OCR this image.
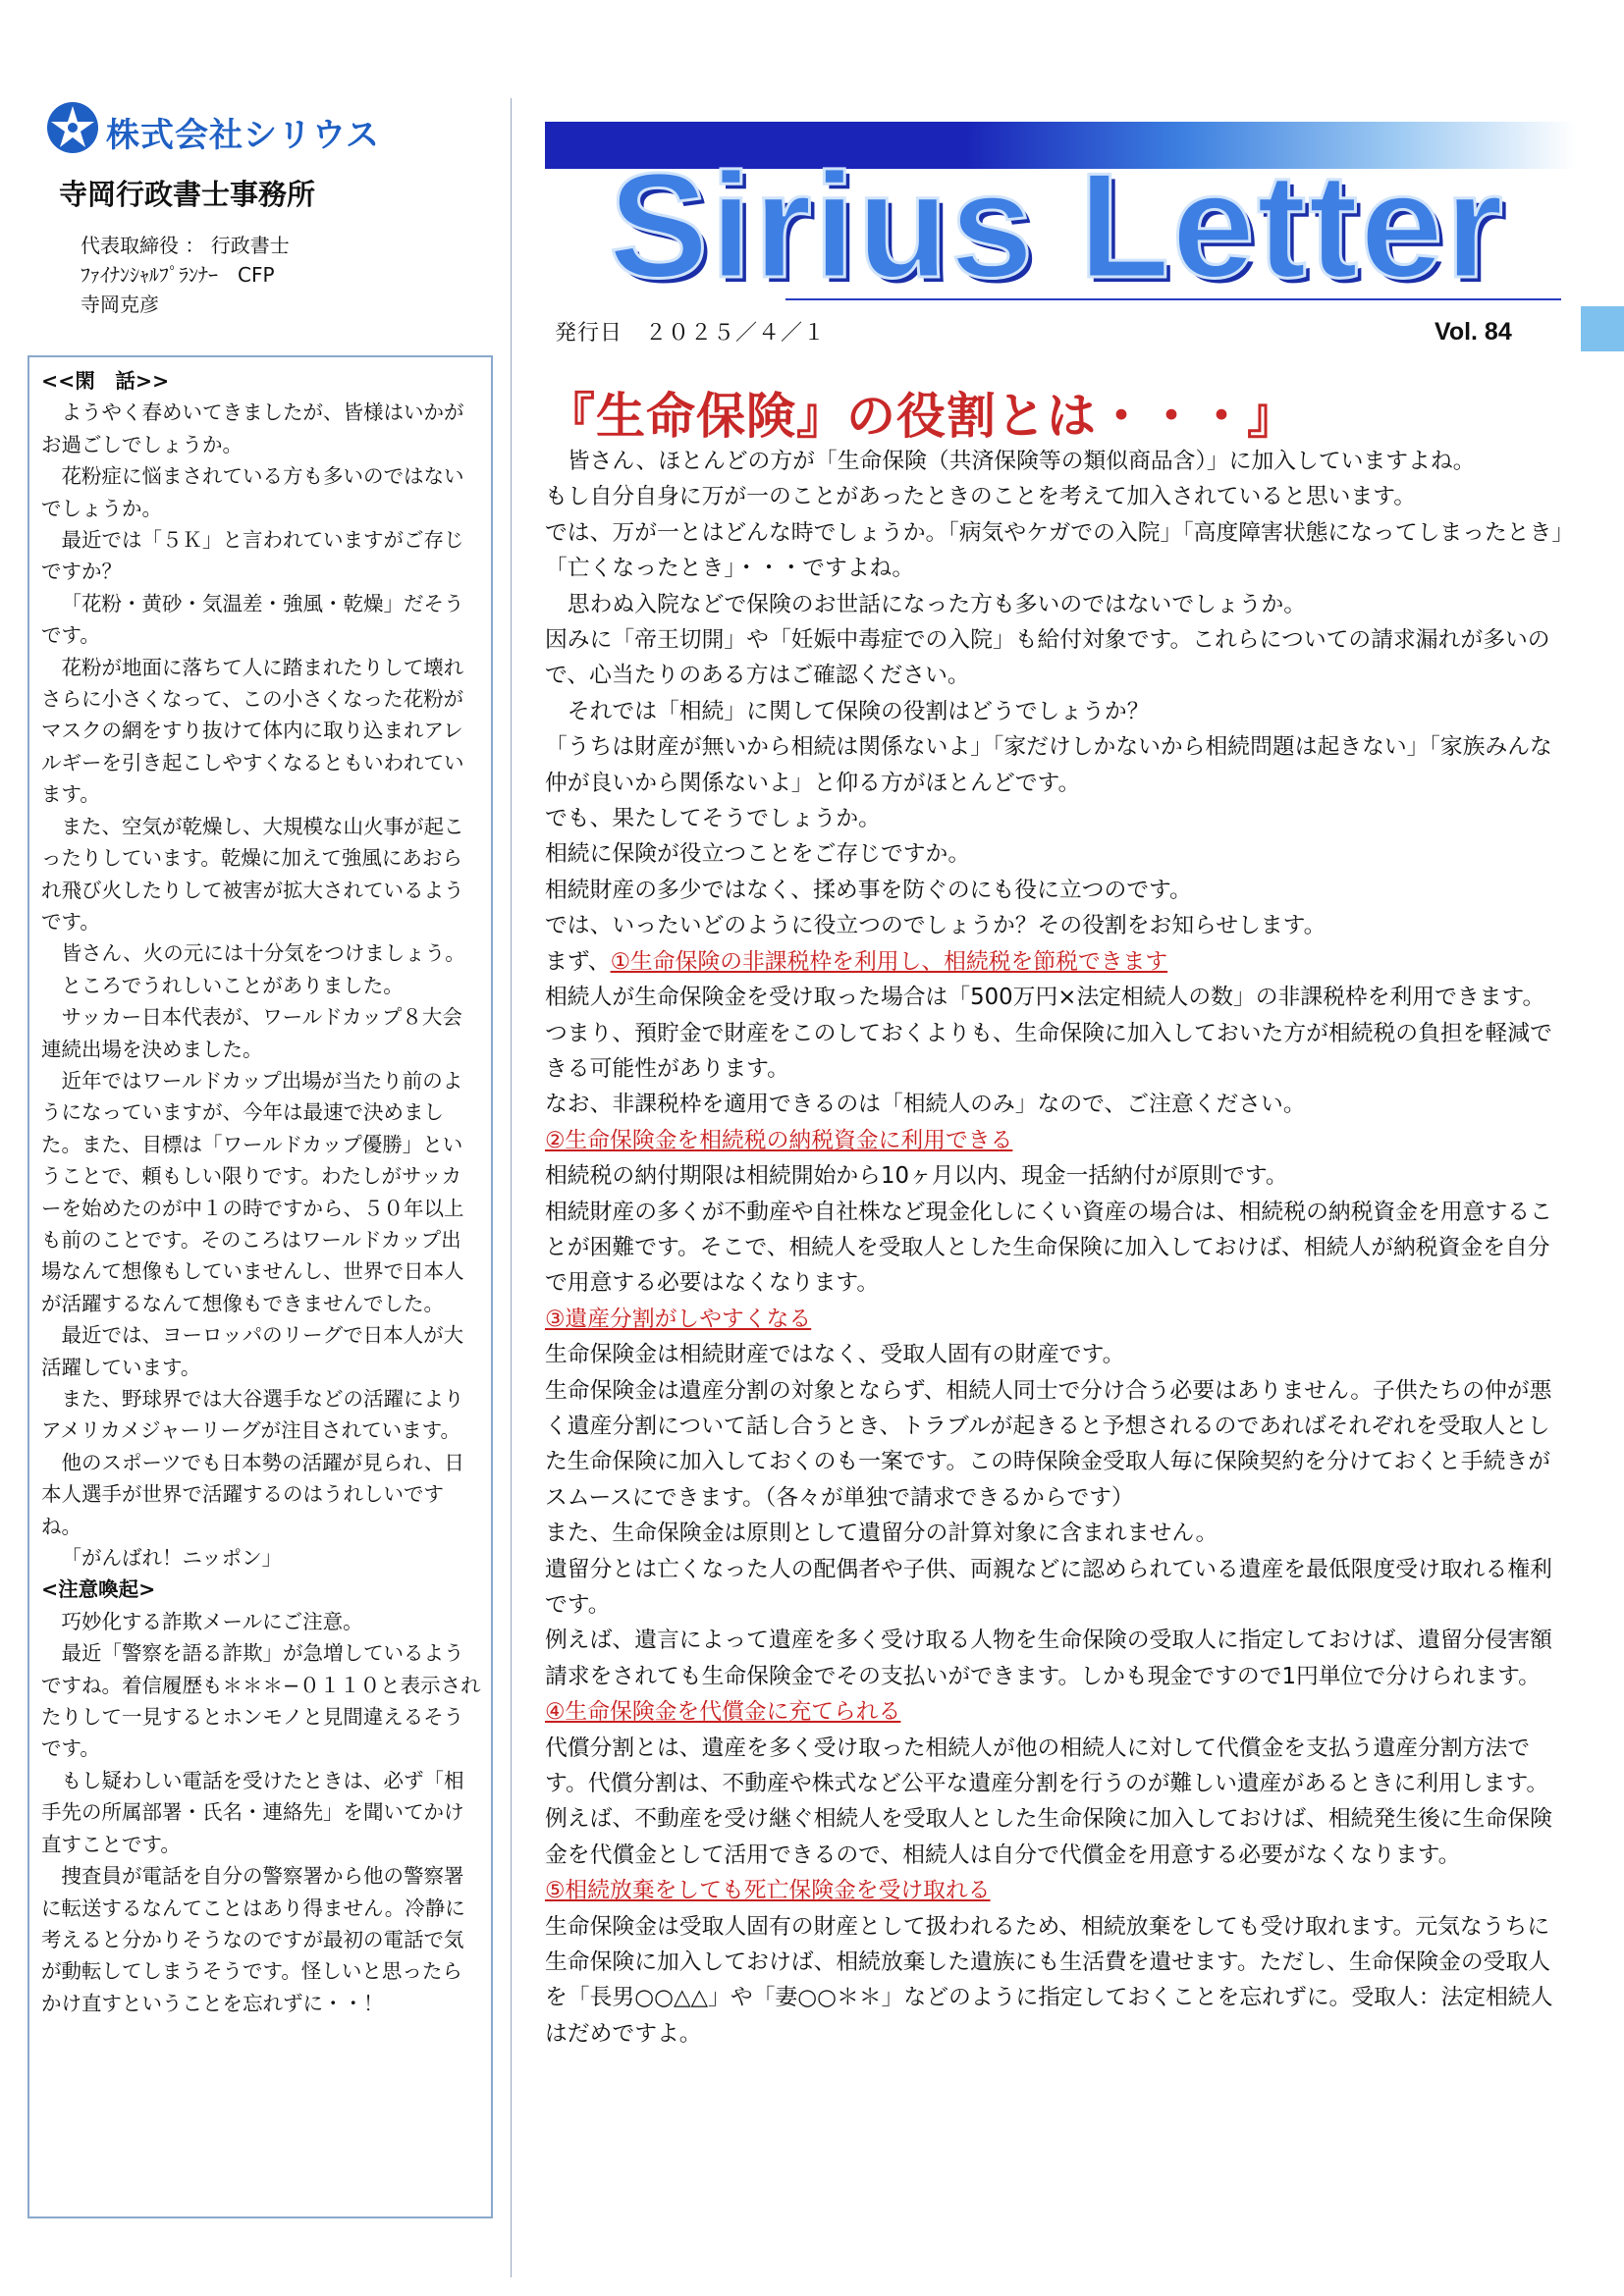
株式会社シリウス
寺岡行政書士事務所
代表取締役 ： 行政書士
ﾌｧｲﾅﾝｼｬﾙﾌﾟﾗﾝﾅｰ　CFP
寺岡克彦

<<閑　話>>

ようやく春めいてきましたが、皆様はいかがお過ごしでしょうか。

花粉症に悩まされている方も多いのではないでしょうか。

最近では「５Ｋ」と言われていますがご存じですか？

「花粉・黄砂・気温差・強風・乾燥」だそうです。

花粉が地面に落ちて人に踏まれたりして壊れさらに小さくなって、この小さくなった花粉がマスクの網をすり抜けて体内に取り込まれアレルギーを引き起こしやすくなるともいわれています。

また、空気が乾燥し、大規模な山火事が起こったりしています。乾燥に加えて強風にあおられ飛び火したりして被害が拡大されているようです。

皆さん、火の元には十分気をつけましょう。

ところでうれしいことがありました。

サッカー日本代表が、ワールドカップ８大会連続出場を決めました。

近年ではワールドカップ出場が当たり前のようになっていますが、今年は最速で決めました。また、目標は「ワールドカップ優勝」ということで、頼もしい限りです。わたしがサッカーを始めたのが中１の時ですから、５０年以上も前のことです。そのころはワールドカップ出場なんて想像もしていませんし、世界で日本人が活躍するなんて想像もできませんでした。

最近では、ヨーロッパのリーグで日本人が大活躍しています。

また、野球界では大谷選手などの活躍によりアメリカメジャーリーグが注目されています。

他のスポーツでも日本勢の活躍が見られ、日本人選手が世界で活躍するのはうれしいですね。

「がんばれ！ニッポン」

<注意喚起>

巧妙化する詐欺メールにご注意。

最近「警察を語る詐欺」が急増しているようですね。着信履歴も＊＊＊−０１１０と表示されたりして一見するとホンモノと見間違えるそうです。

もし疑わしい電話を受けたときは、必ず「相手先の所属部署・氏名・連絡先」を聞いてかけ直すことです。

捜査員が電話を自分の警察署から他の警察署に転送するなんてことはあり得ません。冷静に考えると分かりそうなのですが最初の電話で気が動転してしまうそうです。怪しいと思ったらかけ直すということを忘れずに・・！

Sirius Letter
発行日　２０２５／４／１	Vol. 84
『生命保険』の役割とは・・・』

　皆さん、ほとんどの方が「生命保険（共済保険等の類似商品含）」に加入していますよね。

もし自分自身に万が一のことがあったときのことを考えて加入されていると思います。

では、万が一とはどんな時でしょうか。「病気やケガでの入院」「高度障害状態になってしまったとき」「亡くなったとき」・・・ですよね。

　思わぬ入院などで保険のお世話になった方も多いのではないでしょうか。

因みに「帝王切開」や「妊娠中毒症での入院」も給付対象です。これらについての請求漏れが多いので、心当たりのある方はご確認ください。

　それでは「相続」に関して保険の役割はどうでしょうか？

「うちは財産が無いから相続は関係ないよ」「家だけしかないから相続問題は起きない」「家族みんな仲が良いから関係ないよ」と仰る方がほとんどです。

でも、果たしてそうでしょうか。

相続に保険が役立つことをご存じですか。

相続財産の多少ではなく、揉め事を防ぐのにも役に立つのです。

では、いったいどのように役立つのでしょうか？その役割をお知らせします。

まず、①生命保険の非課税枠を利用し、相続税を節税できます

相続人が生命保険金を受け取った場合は「500万円×法定相続人の数」の非課税枠を利用できます。つまり、預貯金で財産をこのしておくよりも、生命保険に加入しておいた方が相続税の負担を軽減できる可能性があります。

なお、非課税枠を適用できるのは「相続人のみ」なので、ご注意ください。

②生命保険金を相続税の納税資金に利用できる

相続税の納付期限は相続開始から10ヶ月以内、現金一括納付が原則です。

相続財産の多くが不動産や自社株など現金化しにくい資産の場合は、相続税の納税資金を用意することが困難です。そこで、相続人を受取人とした生命保険に加入しておけば、相続人が納税資金を自分で用意する必要はなくなります。

③遺産分割がしやすくなる

生命保険金は相続財産ではなく、受取人固有の財産です。

生命保険金は遺産分割の対象とならず、相続人同士で分け合う必要はありません。子供たちの仲が悪く遺産分割について話し合うとき、トラブルが起きると予想されるのであればそれぞれを受取人とした生命保険に加入しておくのも一案です。この時保険金受取人毎に保険契約を分けておくと手続きがスムースにできます。（各々が単独で請求できるからです）

また、生命保険金は原則として遺留分の計算対象に含まれません。

遺留分とは亡くなった人の配偶者や子供、両親などに認められている遺産を最低限度受け取れる権利です。

例えば、遺言によって遺産を多く受け取る人物を生命保険の受取人に指定しておけば、遺留分侵害額請求をされても生命保険金でその支払いができます。しかも現金ですので1円単位で分けられます。

④生命保険金を代償金に充てられる

代償分割とは、遺産を多く受け取った相続人が他の相続人に対して代償金を支払う遺産分割方法です。代償分割は、不動産や株式など公平な遺産分割を行うのが難しい遺産があるときに利用します。例えば、不動産を受け継ぐ相続人を受取人とした生命保険に加入しておけば、相続発生後に生命保険金を代償金として活用できるので、相続人は自分で代償金を用意する必要がなくなります。

⑤相続放棄をしても死亡保険金を受け取れる

生命保険金は受取人固有の財産として扱われるため、相続放棄をしても受け取れます。元気なうちに生命保険に加入しておけば、相続放棄した遺族にも生活費を遺せます。ただし、生命保険金の受取人を「長男○○△△」や「妻○○＊＊」などのように指定しておくことを忘れずに。受取人：法定相続人はだめですよ。
